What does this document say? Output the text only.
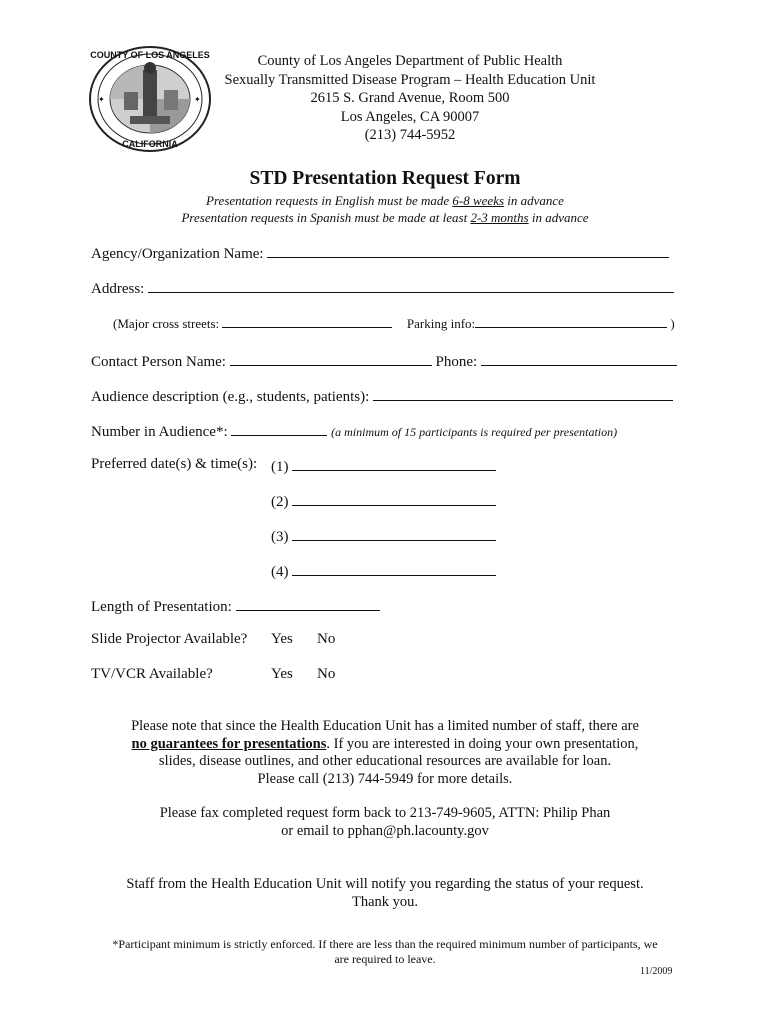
COUNTY OF LOS ANGELES
CALIFORNIA
✦	✦
County of Los Angeles Department of Public Health
Sexually Transmitted Disease Program – Health Education Unit
2615 S. Grand Avenue, Room 500
Los Angeles, CA 90007
(213) 744-5952
STD Presentation Request Form
Presentation requests in English must be made 6-8 weeks in advance
Presentation requests in Spanish must be made at least 2-3 months in advance
Agency/Organization Name:
Address:
(Major cross streets:	Parking info:	)
Contact Person Name:	Phone:
Audience description (e.g., students, patients):
Number in Audience*:	(a minimum of 15 participants is required per presentation)
Preferred date(s) & time(s): (1)
(2)
(3)
(4)
Length of Presentation:
Slide Projector Available? Yes No
TV/VCR Available?	Yes No
Please note that since the Health Education Unit has a limited number of staff, there are
no guarantees for presentations. If you are interested in doing your own presentation,
slides, disease outlines, and other educational resources are available for loan.
Please call (213) 744-5949 for more details.
Please fax completed request form back to 213-749-9605, ATTN: Philip Phan
or email to pphan@ph.lacounty.gov
Staff from the Health Education Unit will notify you regarding the status of your request.
Thank you.
*Participant minimum is strictly enforced. If there are less than the required minimum number of participants, we
are required to leave.
11/2009
